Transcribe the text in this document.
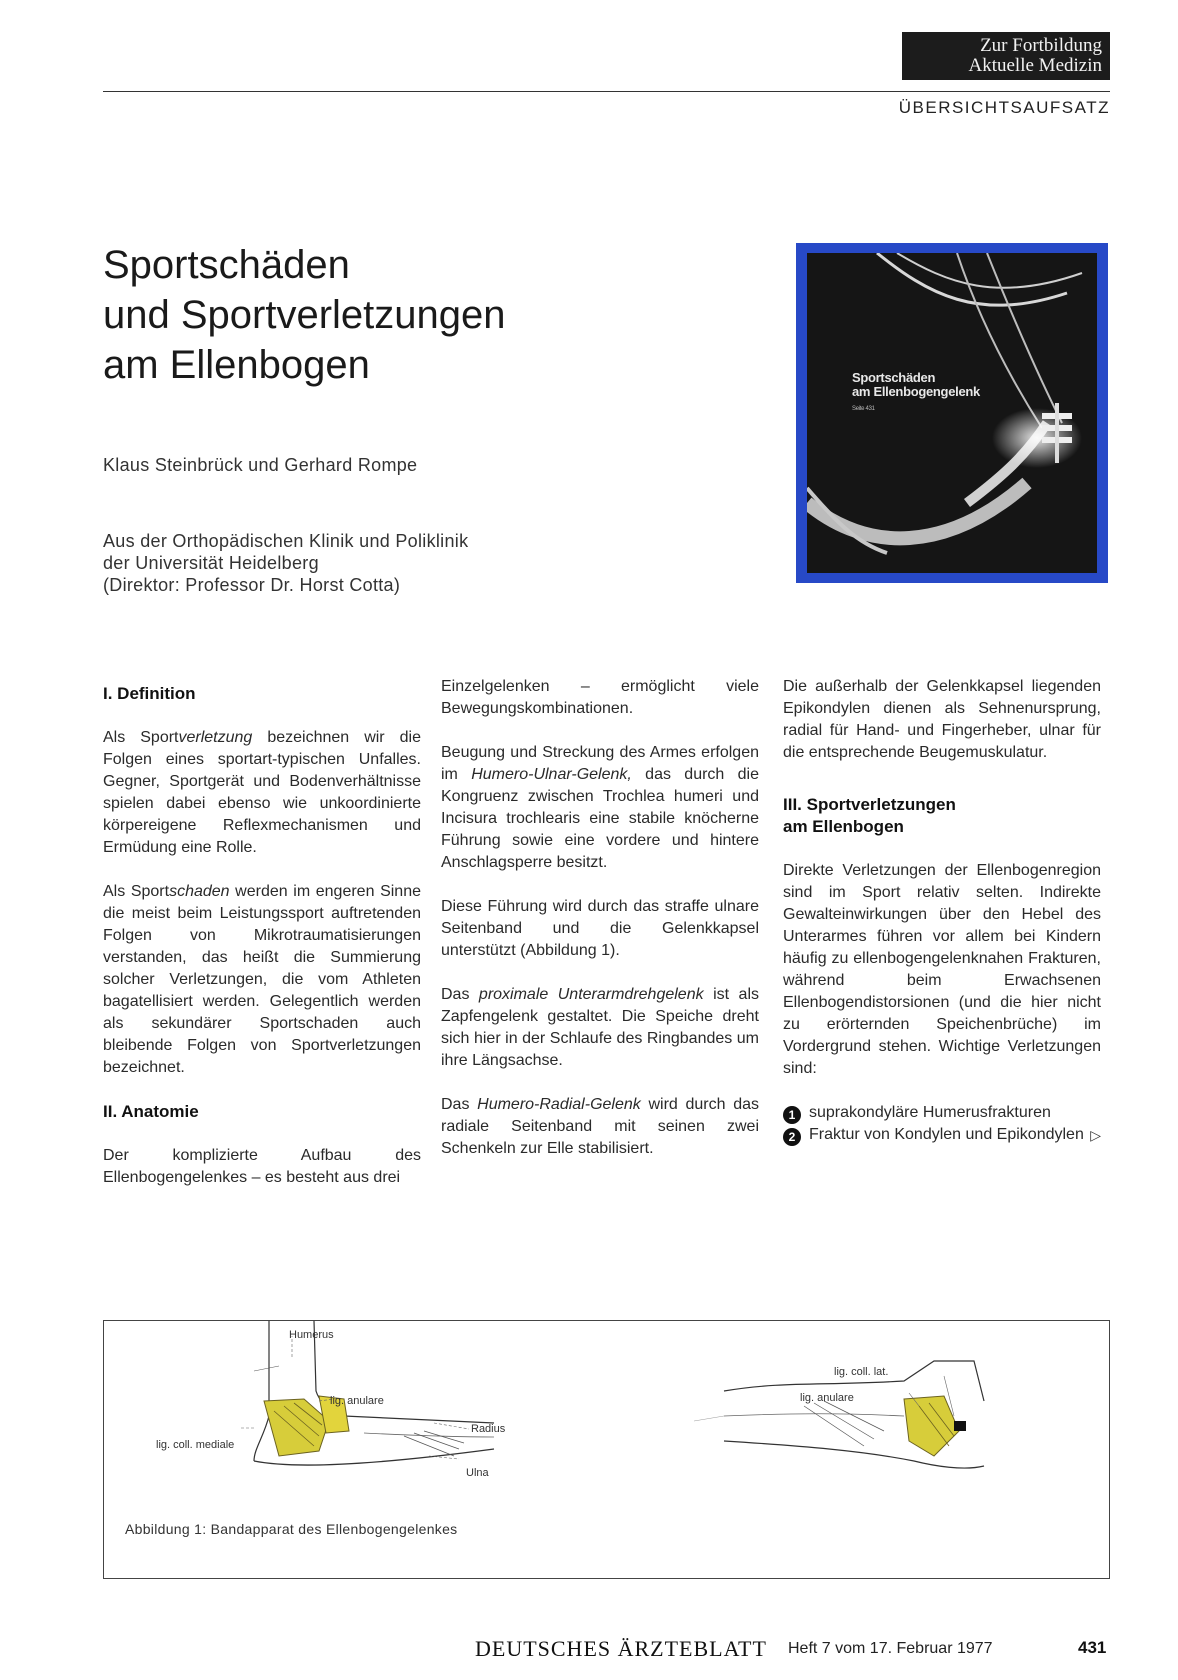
Zur Fortbildung
Aktuelle Medizin
ÜBERSICHTSAUFSATZ
Sportschäden
und Sportverletzungen
am Ellenbogen
Klaus Steinbrück und Gerhard Rompe
Aus der Orthopädischen Klinik und Poliklinik
der Universität Heidelberg
(Direktor: Professor Dr. Horst Cotta)
Sportschäden
am Ellenbogengelenk
Seite 431
I. Definition

Als Sportverletzung bezeichnen wir die Folgen eines sportart-typischen Unfalles. Gegner, Sportgerät und Bodenverhältnisse spielen dabei ebenso wie unkoordinierte körpereigene Reflexmechanismen und Ermüdung eine Rolle.

Als Sportschaden werden im engeren Sinne die meist beim Leistungssport auftretenden Folgen von Mikrotraumatisierungen verstanden, das heißt die Summierung solcher Verletzungen, die vom Athleten bagatellisiert werden. Gelegentlich werden als sekundärer Sportschaden auch bleibende Folgen von Sportverletzungen bezeichnet.

II. Anatomie

Der komplizierte Aufbau des Ellenbogengelenkes – es besteht aus drei

Einzelgelenken – ermöglicht viele Bewegungskombinationen.

Beugung und Streckung des Armes erfolgen im Humero-Ulnar-Gelenk, das durch die Kongruenz zwischen Trochlea humeri und Incisura trochlearis eine stabile knöcherne Führung sowie eine vordere und hintere Anschlagsperre besitzt.

Diese Führung wird durch das straffe ulnare Seitenband und die Gelenkkapsel unterstützt (Abbildung 1).

Das proximale Unterarmdrehgelenk ist als Zapfengelenk gestaltet. Die Speiche dreht sich hier in der Schlaufe des Ringbandes um ihre Längsachse.

Das Humero-Radial-Gelenk wird durch das radiale Seitenband mit seinen zwei Schenkeln zur Elle stabilisiert.

Die außerhalb der Gelenkkapsel liegenden Epikondylen dienen als Sehnenursprung, radial für Hand- und Fingerheber, ulnar für die entsprechende Beugemuskulatur.

III. Sportverletzungen
am Ellenbogen

Direkte Verletzungen der Ellenbogenregion sind im Sport relativ selten. Indirekte Gewalteinwirkungen über den Hebel des Unterarmes führen vor allem bei Kindern häufig zu ellenbogengelenknahen Frakturen, während beim Erwachsenen Ellenbogendistorsionen (und die hier nicht zu erörternden Speichenbrüche) im Vordergrund stehen. Wichtige Verletzungen sind:

1 suprakondyläre Humerusfrakturen
2 Fraktur von Kondylen und Epikondylen ▷
Humerus
lig. anulare
Radius
lig. coll. mediale
Ulna
lig. coll. lat.
lig. anulare
Abbildung 1: Bandapparat des Ellenbogengelenkes
DEUTSCHES ÄRZTEBLATT Heft 7 vom 17. Februar 1977	431
